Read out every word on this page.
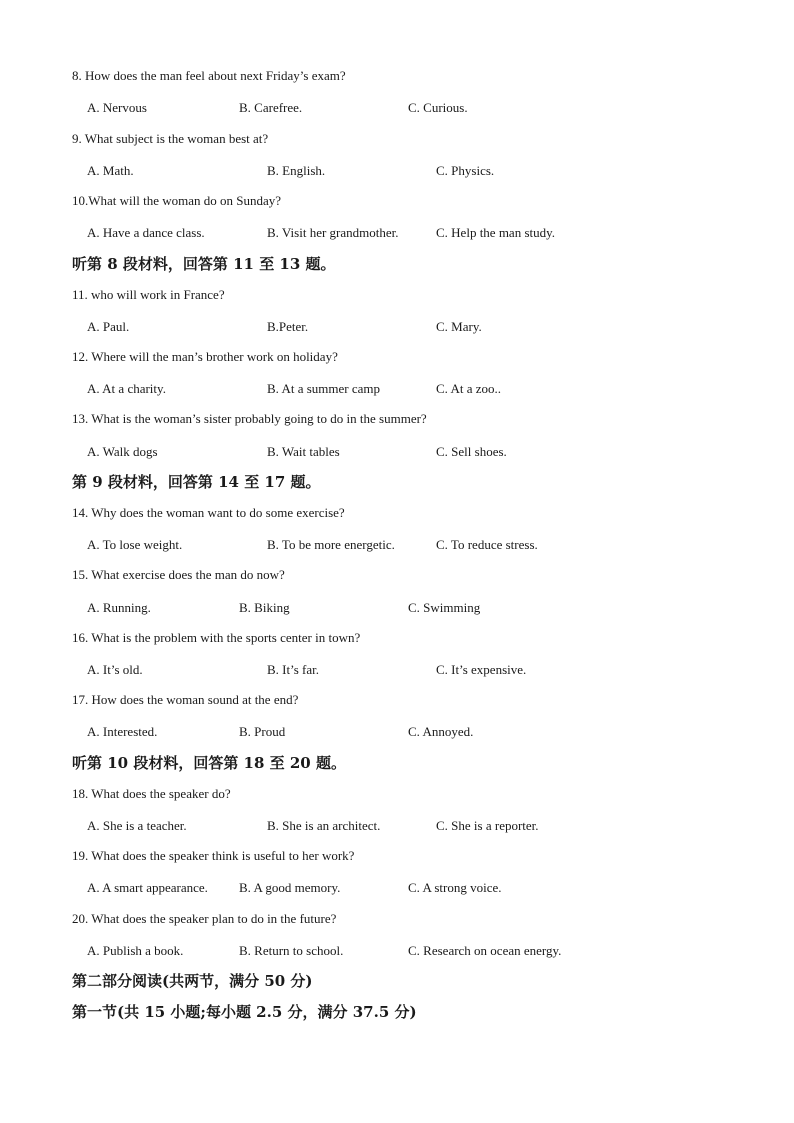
8. How does the man feel about next Friday’s exam?
A. Nervous	B. Carefree.	C. Curious.
9. What subject is the woman best at?
A. Math.	B. English.	C. Physics.
10.What will the woman do on Sunday?
A. Have a dance class.	B. Visit her grandmother.	C. Help the man study.
听第 8 段材料，回答第 11 至 13 题。
11. who will work in France?
A. Paul.	B.Peter.	C. Mary.
12. Where will the man’s brother work on holiday?
A. At a charity.	B. At a summer camp	C. At a zoo..
13. What is the woman’s sister probably going to do in the summer?
A. Walk dogs	B. Wait tables	C. Sell shoes.
第 9 段材料，回答第 14 至 17 题。
14. Why does the woman want to do some exercise?
A. To lose weight.	B. To be more energetic.	C. To reduce stress.
15. What exercise does the man do now?
A. Running.	B. Biking	C. Swimming
16. What is the problem with the sports center in town?
A. It’s old.	B. It’s far.	C. It’s expensive.
17. How does the woman sound at the end?
A. Interested.	B. Proud	C. Annoyed.
听第 10 段材料，回答第 18 至 20 题。
18. What does the speaker do?
A. She is a teacher.	B. She is an architect.	C. She is a reporter.
19. What does the speaker think is useful to her work?
A. A smart appearance. B. A good memory.	C. A strong voice.
20. What does the speaker plan to do in the future?
A. Publish a book.	B. Return to school.	C. Research on ocean energy.
第二部分阅读(共两节，满分 50 分)
第一节(共 15 小题;每小题 2.5 分，满分 37.5 分)
